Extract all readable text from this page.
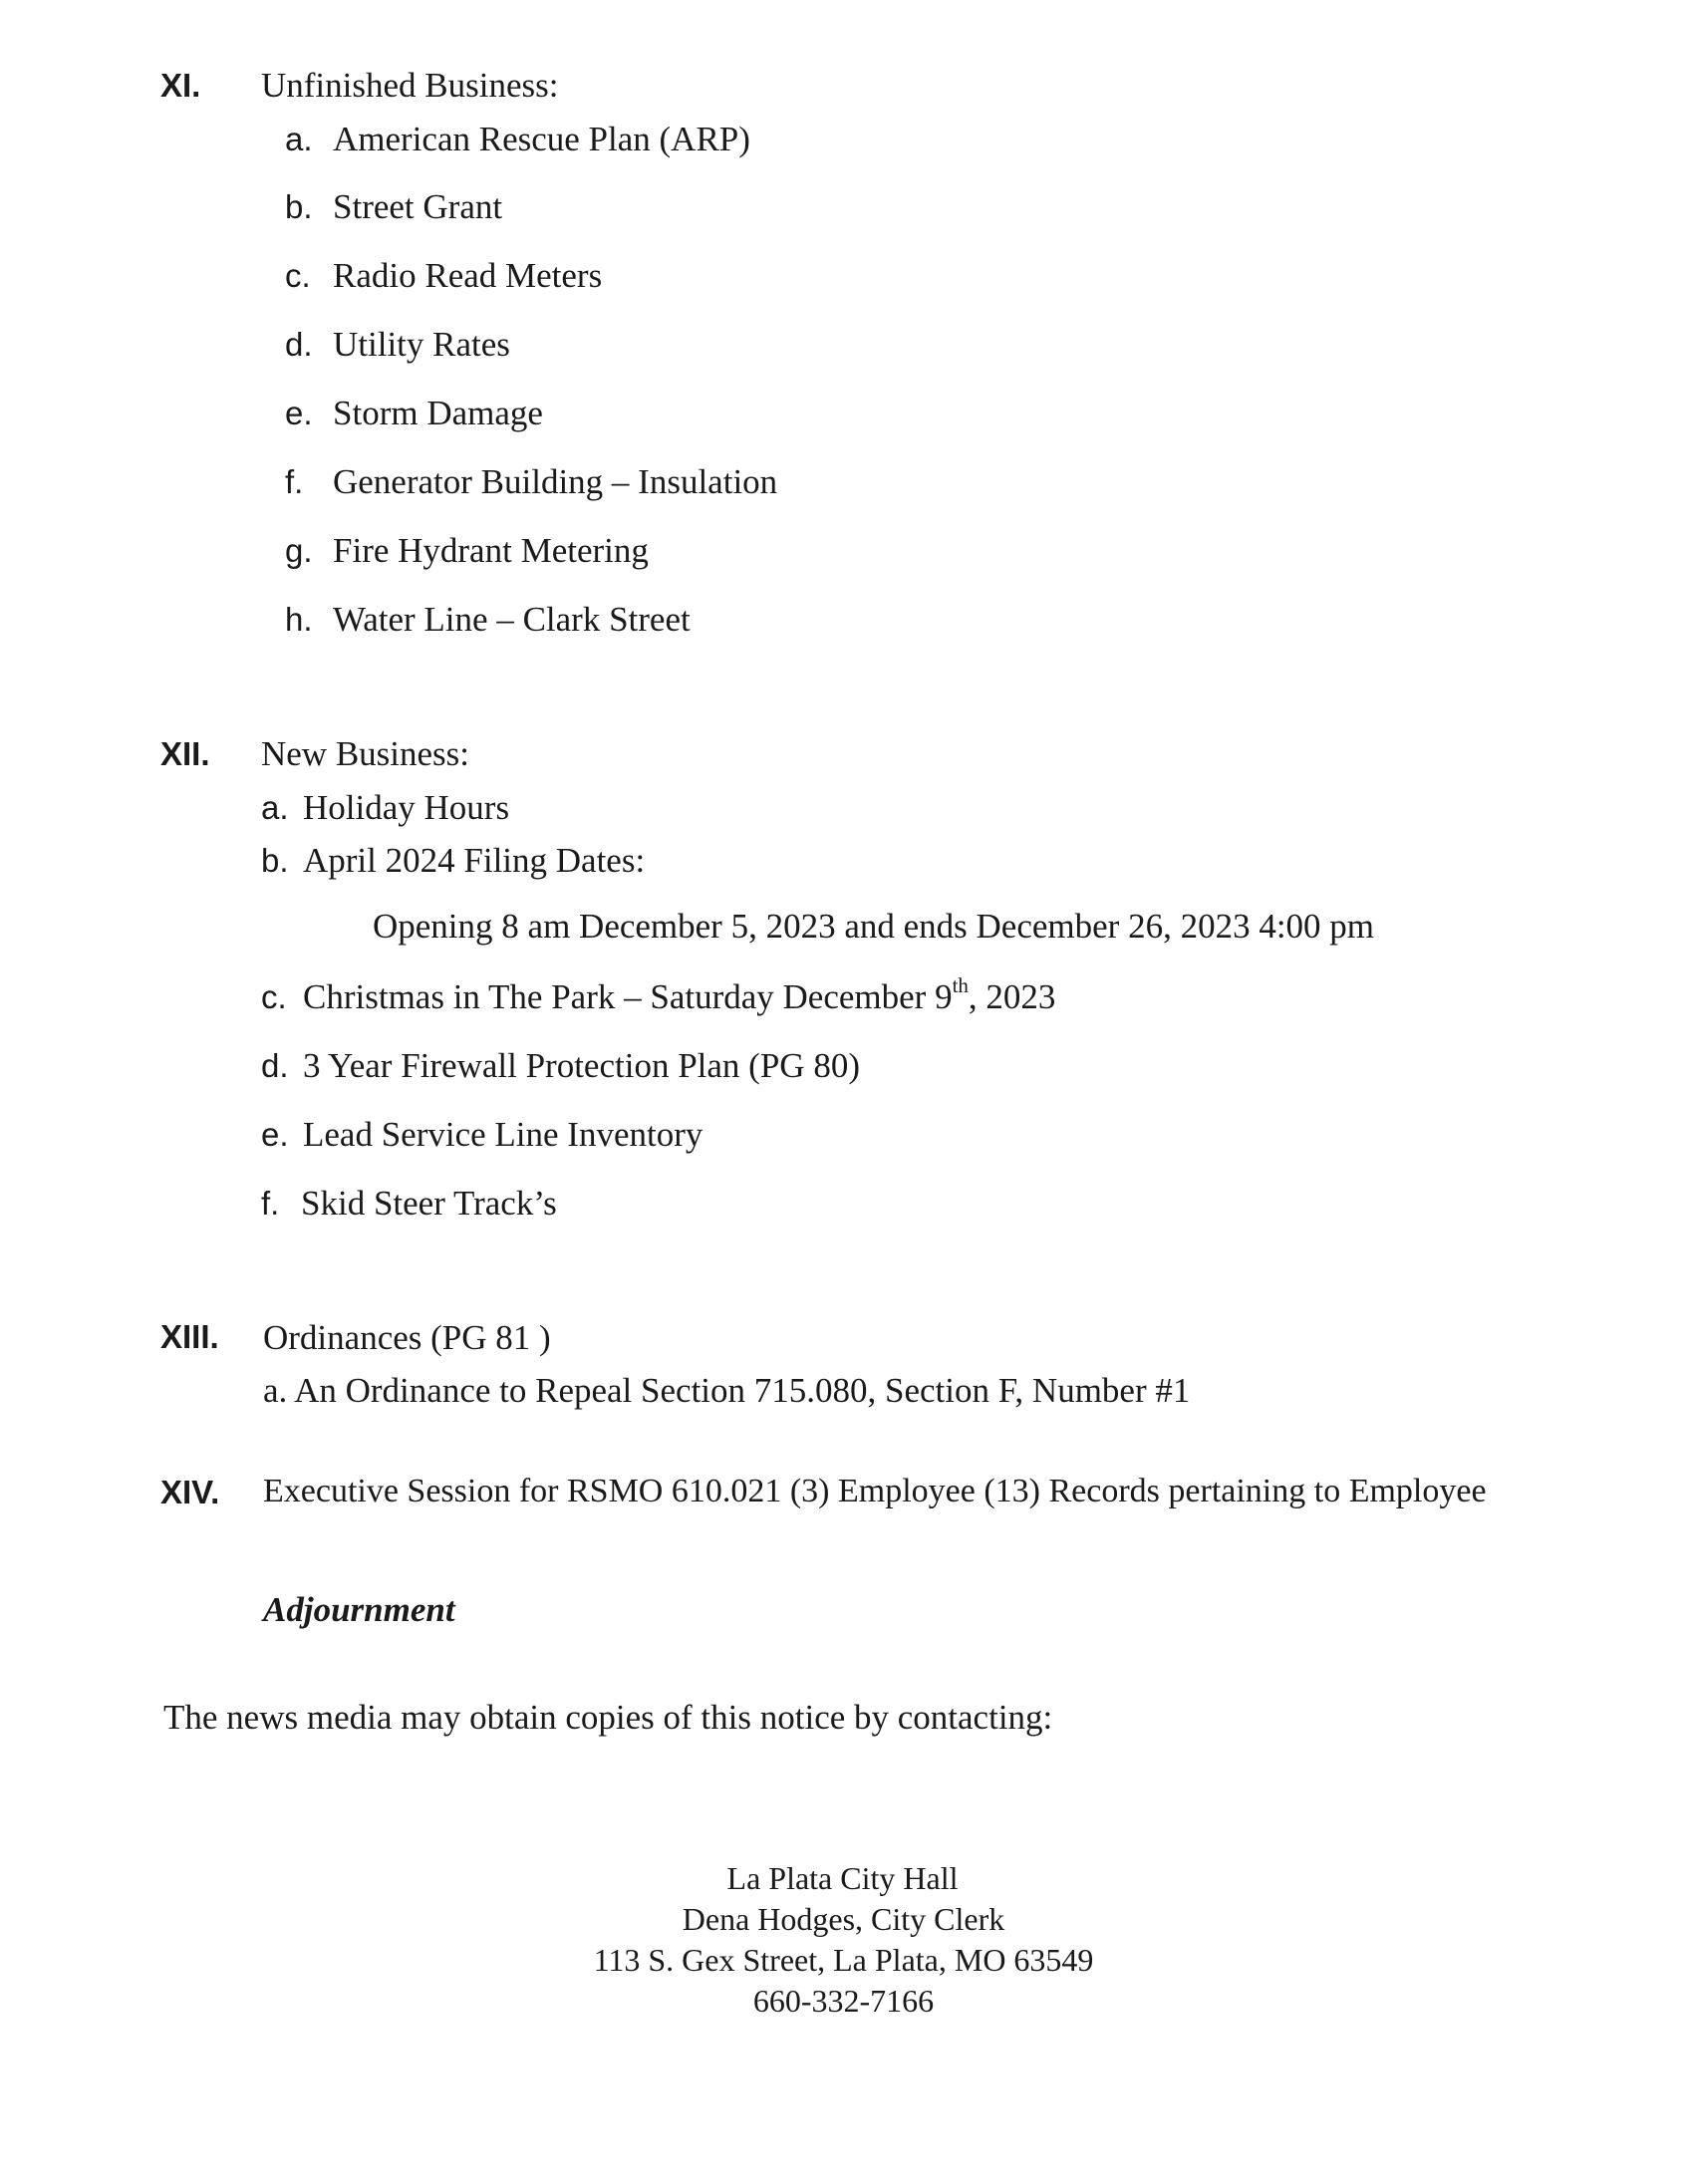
XI. Unfinished Business:
a. American Rescue Plan (ARP)
b. Street Grant
c. Radio Read Meters
d. Utility Rates
e. Storm Damage
f. Generator Building – Insulation
g. Fire Hydrant Metering
h. Water Line – Clark Street
XII. New Business:
a. Holiday Hours
b. April 2024 Filing Dates:
Opening 8 am December 5, 2023 and ends December 26, 2023 4:00 pm
c. Christmas in The Park – Saturday December 9th, 2023
d. 3 Year Firewall Protection Plan (PG 80)
e. Lead Service Line Inventory
f. Skid Steer Track’s
XIII. Ordinances (PG 81 )
a. An Ordinance to Repeal Section 715.080, Section F, Number #1
XIV. Executive Session for RSMO 610.021 (3) Employee (13) Records pertaining to Employee
Adjournment
The news media may obtain copies of this notice by contacting:
La Plata City Hall
Dena Hodges, City Clerk
113 S. Gex Street, La Plata, MO 63549
660-332-7166
